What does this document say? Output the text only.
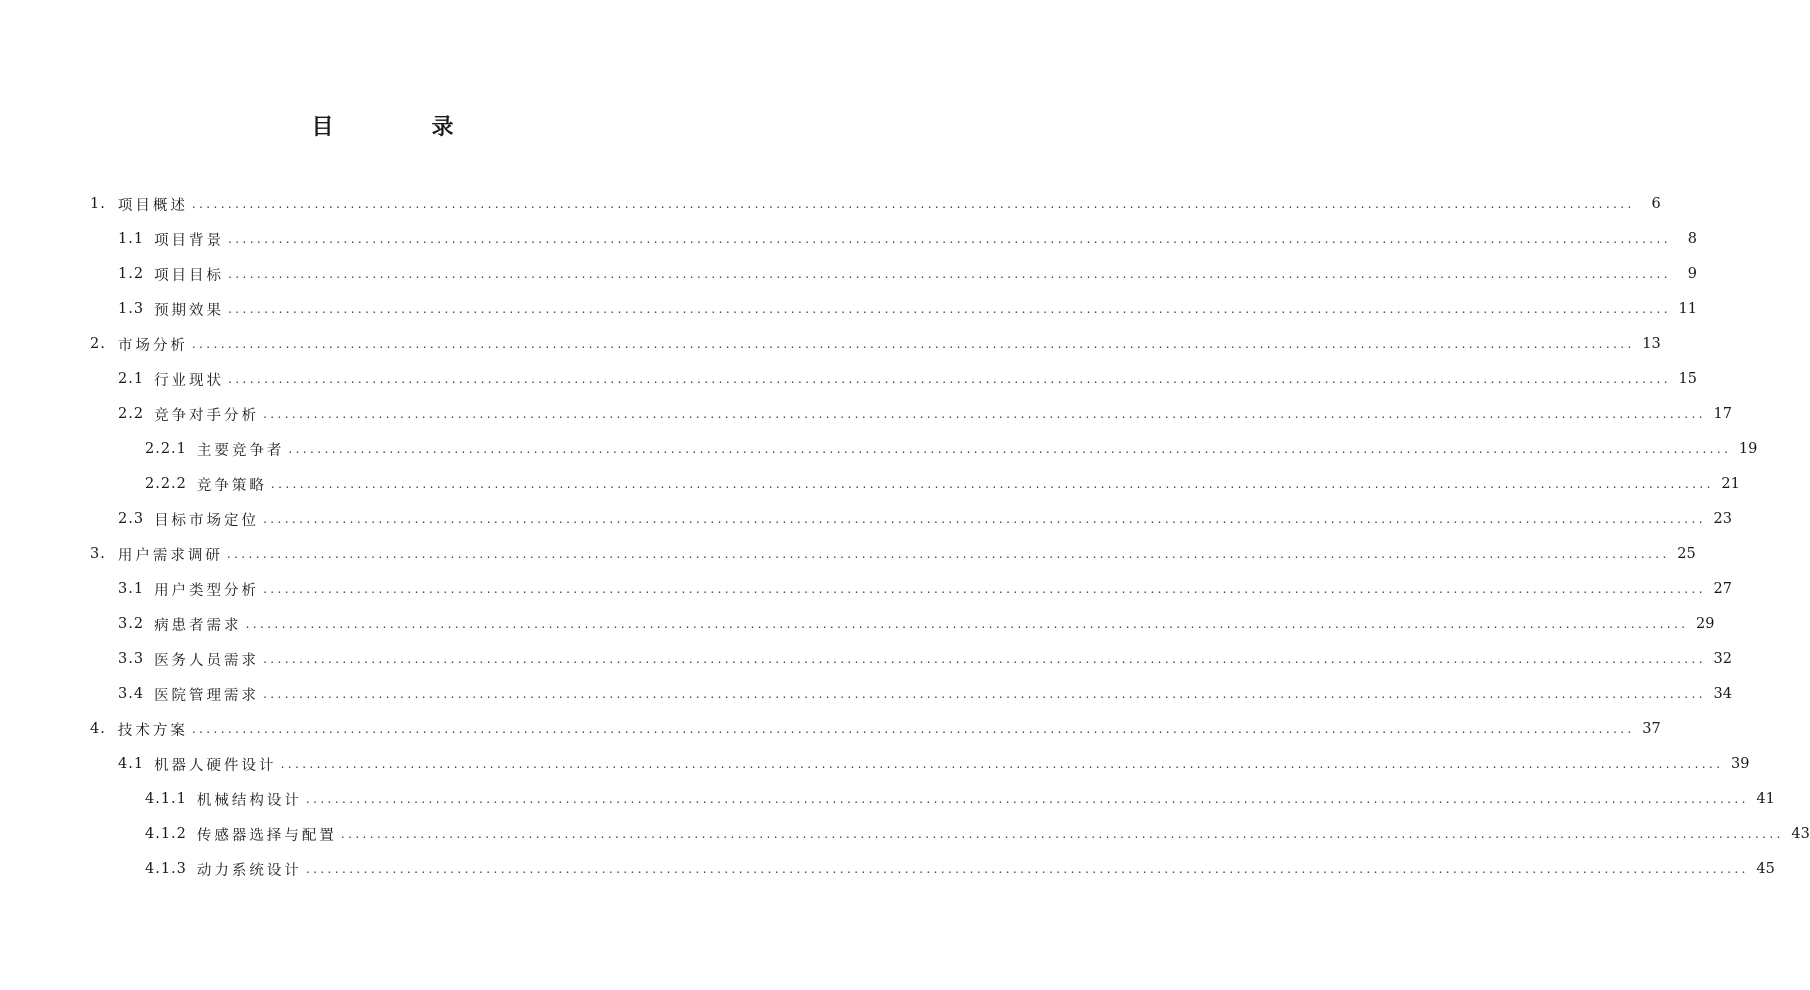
目　录
1. 项目概述 ........................................................................................................................................................................................................	6
1.1 项目背景 ........................................................................................................................................................................................................	8
1.2 项目目标 ........................................................................................................................................................................................................	9
1.3 预期效果 ........................................................................................................................................................................................................ 11
2. 市场分析 ........................................................................................................................................................................................................ 13
2.1 行业现状 ........................................................................................................................................................................................................ 15
2.2 竞争对手分析 ........................................................................................................................................................................................................ 17
2.2.1 主要竞争者 ........................................................................................................................................................................................................ 19
2.2.2 竞争策略 ........................................................................................................................................................................................................ 21
2.3 目标市场定位 ........................................................................................................................................................................................................ 23
3. 用户需求调研 ........................................................................................................................................................................................................ 25
3.1 用户类型分析 ........................................................................................................................................................................................................ 27
3.2 病患者需求 ........................................................................................................................................................................................................ 29
3.3 医务人员需求 ........................................................................................................................................................................................................ 32
3.4 医院管理需求 ........................................................................................................................................................................................................ 34
4. 技术方案 ........................................................................................................................................................................................................ 37
4.1 机器人硬件设计 ........................................................................................................................................................................................................ 39
4.1.1 机械结构设计 ........................................................................................................................................................................................................ 41
4.1.2 传感器选择与配置 ........................................................................................................................................................................................................ 43
4.1.3 动力系统设计 ........................................................................................................................................................................................................ 45
